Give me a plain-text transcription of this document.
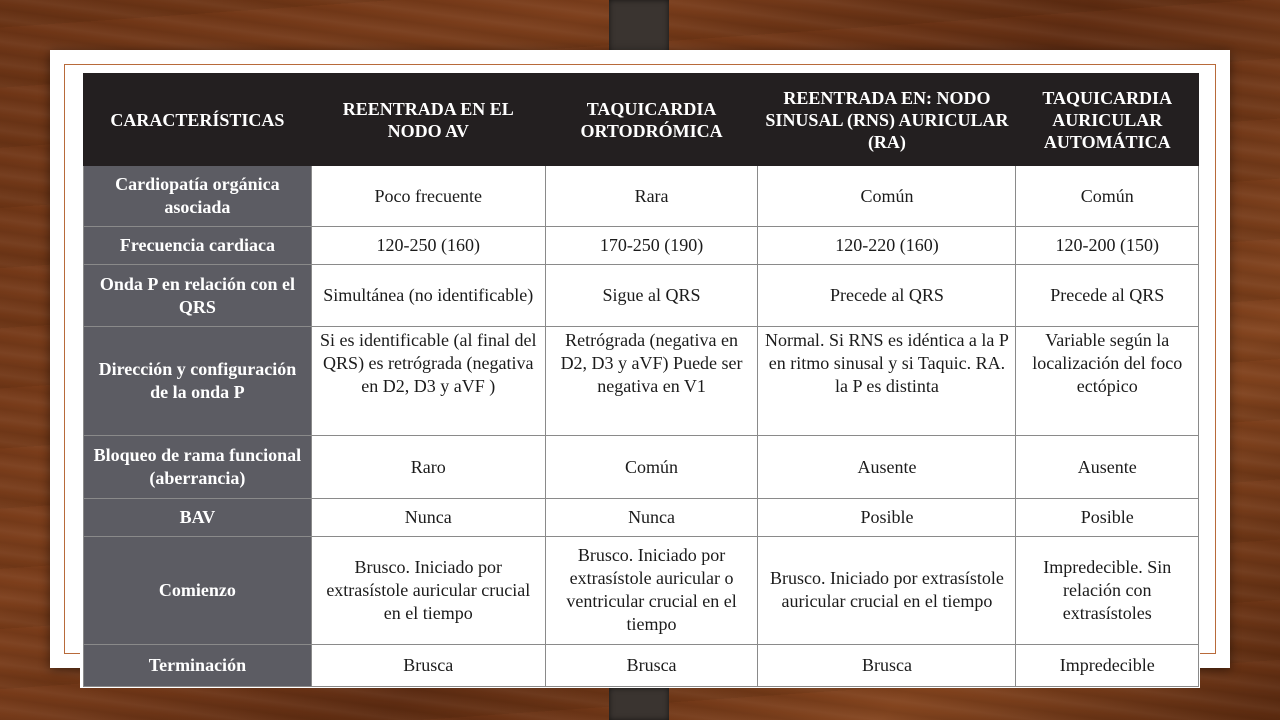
CARACTERÍSTICAS	REENTRADA EN EL NODO AV	TAQUICARDIA ORTODRÓMICA	REENTRADA EN: NODO SINUSAL (RNS) AURICULAR (RA)	TAQUICARDIA AURICULAR AUTOMÁTICA
Cardiopatía orgánica asociada	Poco frecuente	Rara	Común	Común
Frecuencia cardiaca	120-250 (160)	170-250 (190)	120-220 (160)	120-200 (150)
Onda P en relación con el QRS	Simultánea (no identificable)	Sigue al QRS	Precede al QRS	Precede al QRS
Dirección y configuración de la onda P	Si es identificable (al final del QRS) es retrógrada (negativa en D2, D3 y aVF )	Retrógrada (negativa en D2, D3 y aVF) Puede ser negativa en V1	Normal. Si RNS es idéntica a la P en ritmo sinusal y si Taquic. RA. la P es distinta	Variable según la localización del foco ectópico
Bloqueo de rama funcional (aberrancia)	Raro	Común	Ausente	Ausente
BAV	Nunca	Nunca	Posible	Posible
Comienzo	Brusco. Iniciado por extrasístole auricular crucial en el tiempo	Brusco. Iniciado por extrasístole auricular o ventricular crucial en el tiempo	Brusco. Iniciado por extrasístole auricular crucial en el tiempo	Impredecible. Sin relación con extrasístoles
Terminación	Brusca	Brusca	Brusca	Impredecible
